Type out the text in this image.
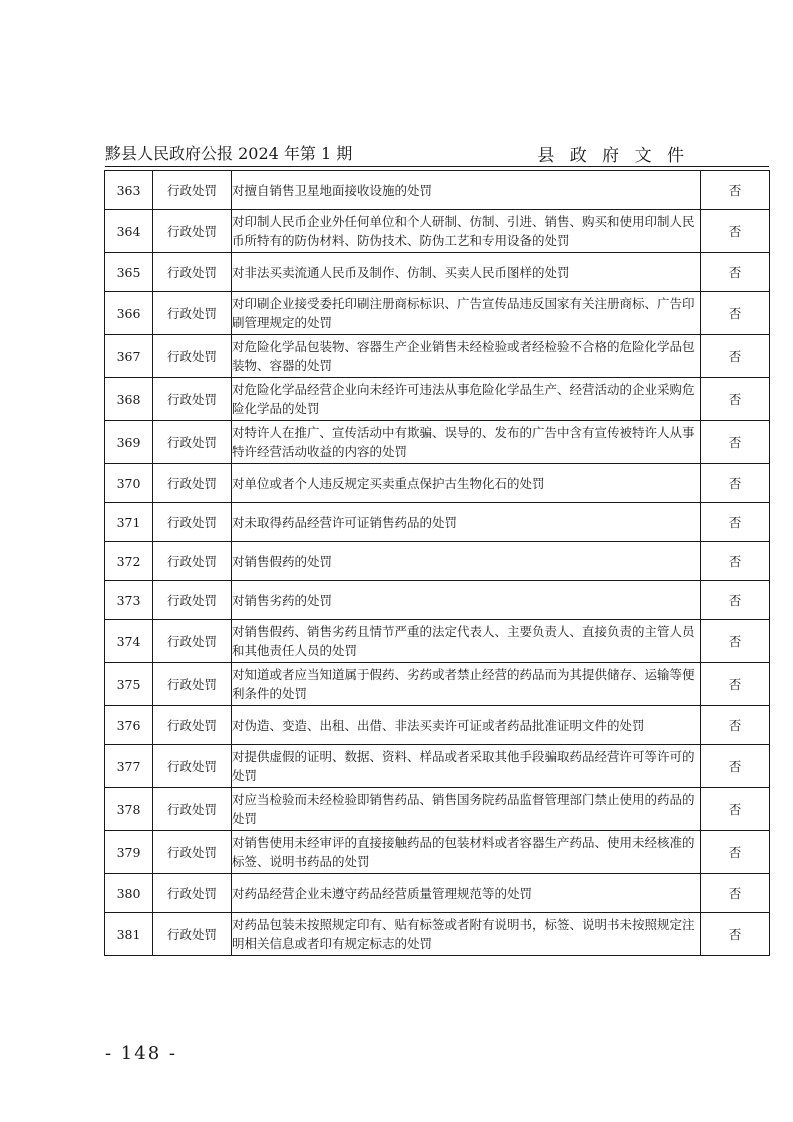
黟县人民政府公报 2024 年第 1 期	县 政 府 文 件
363	行政处罚	对擅自销售卫星地面接收设施的处罚	否
364	行政处罚	对印制人民币企业外任何单位和个人研制、仿制、引进、销售、购买和使用印制人民币所特有的防伪材料、防伪技术、防伪工艺和专用设备的处罚	否
365	行政处罚	对非法买卖流通人民币及制作、仿制、买卖人民币图样的处罚	否
366	行政处罚	对印刷企业接受委托印刷注册商标标识、广告宣传品违反国家有关注册商标、广告印刷管理规定的处罚	否
367	行政处罚	对危险化学品包装物、容器生产企业销售未经检验或者经检验不合格的危险化学品包装物、容器的处罚	否
368	行政处罚	对危险化学品经营企业向未经许可违法从事危险化学品生产、经营活动的企业采购危险化学品的处罚	否
369	行政处罚	对特许人在推广、宣传活动中有欺骗、误导的、发布的广告中含有宣传被特许人从事特许经营活动收益的内容的处罚	否
370	行政处罚	对单位或者个人违反规定买卖重点保护古生物化石的处罚	否
371	行政处罚	对未取得药品经营许可证销售药品的处罚	否
372	行政处罚	对销售假药的处罚	否
373	行政处罚	对销售劣药的处罚	否
374	行政处罚	对销售假药、销售劣药且情节严重的法定代表人、主要负责人、直接负责的主管人员和其他责任人员的处罚	否
375	行政处罚	对知道或者应当知道属于假药、劣药或者禁止经营的药品而为其提供储存、运输等便利条件的处罚	否
376	行政处罚	对伪造、变造、出租、出借、非法买卖许可证或者药品批准证明文件的处罚	否
377	行政处罚	对提供虚假的证明、数据、资料、样品或者采取其他手段骗取药品经营许可等许可的处罚	否
378	行政处罚	对应当检验而未经检验即销售药品、销售国务院药品监督管理部门禁止使用的药品的处罚	否
379	行政处罚	对销售使用未经审评的直接接触药品的包装材料或者容器生产药品、使用未经核准的标签、说明书药品的处罚	否
380	行政处罚	对药品经营企业未遵守药品经营质量管理规范等的处罚	否
381	行政处罚	对药品包装未按照规定印有、贴有标签或者附有说明书，标签、说明书未按照规定注明相关信息或者印有规定标志的处罚	否
- 148 -
